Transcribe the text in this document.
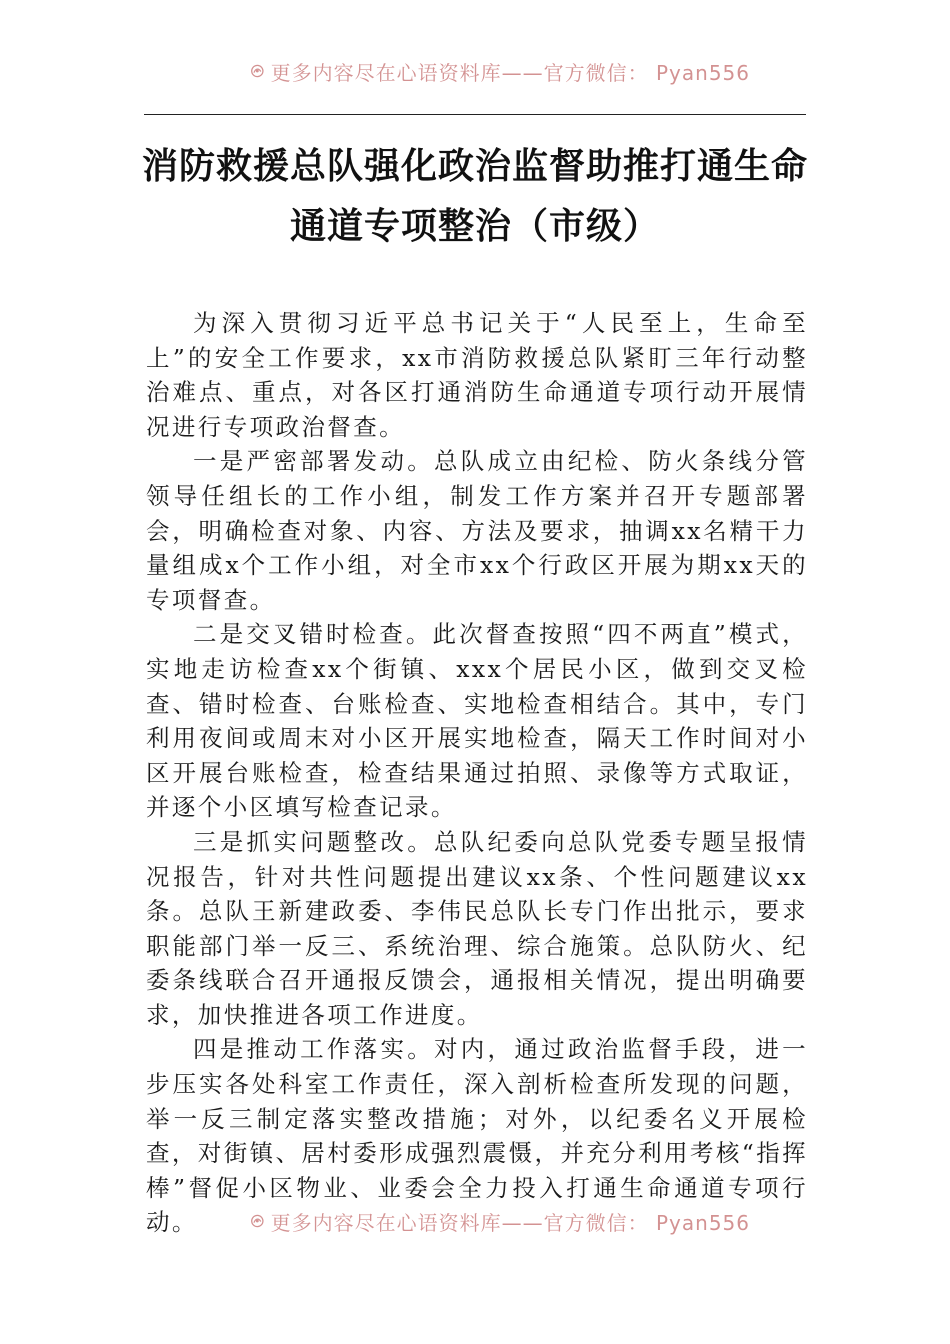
更多内容尽在心语资料库——官方微信： Pyan556
消防救援总队强化政治监督助推打通生命
通道专项整治（市级）

为深入贯彻习近平总书记关于“人民至上，生命至上”的安全工作要求，xx市消防救援总队紧盯三年行动整治难点、重点，对各区打通消防生命通道专项行动开展情况进行专项政治督查。

一是严密部署发动。总队成立由纪检、防火条线分管领导任组长的工作小组，制发工作方案并召开专题部署会，明确检查对象、内容、方法及要求，抽调xx名精干力量组成x个工作小组，对全市xx个行政区开展为期xx天的专项督查。

二是交叉错时检查。此次督查按照“四不两直”模式，实地走访检查xx个街镇、xxx个居民小区，做到交叉检查、错时检查、台账检查、实地检查相结合。其中，专门利用夜间或周末对小区开展实地检查，隔天工作时间对小区开展台账检查，检查结果通过拍照、录像等方式取证，并逐个小区填写检查记录。

三是抓实问题整改。总队纪委向总队党委专题呈报情况报告，针对共性问题提出建议xx条、个性问题建议xx条。总队王新建政委、李伟民总队长专门作出批示，要求职能部门举一反三、系统治理、综合施策。总队防火、纪委条线联合召开通报反馈会，通报相关情况，提出明确要求，加快推进各项工作进度。

四是推动工作落实。对内，通过政治监督手段，进一步压实各处科室工作责任，深入剖析检查所发现的问题，举一反三制定落实整改措施；对外，以纪委名义开展检查，对街镇、居村委形成强烈震慑，并充分利用考核“指挥棒”督促小区物业、业委会全力投入打通生命通道专项行动。	更多内容尽在心语资料库——官方微信： Pyan556
